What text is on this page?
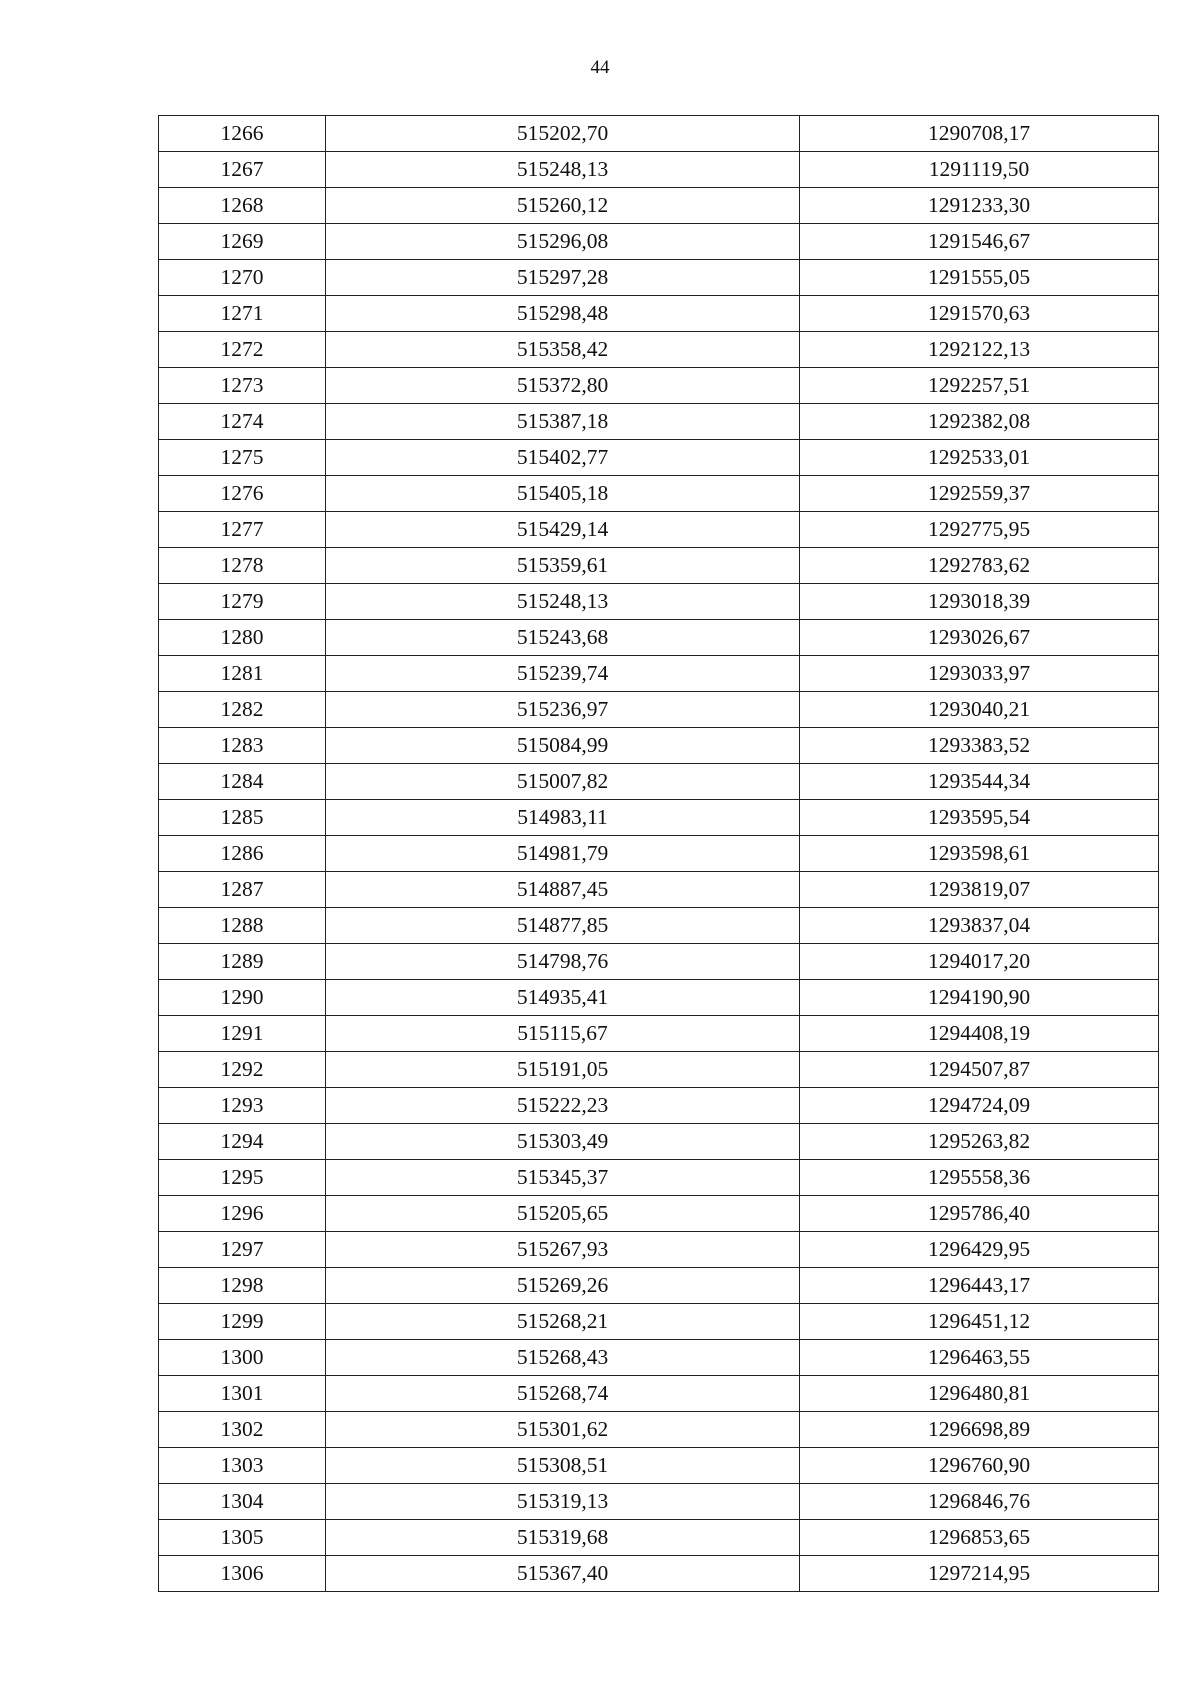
44
1266	515202,70	1290708,17
1267	515248,13	1291119,50
1268	515260,12	1291233,30
1269	515296,08	1291546,67
1270	515297,28	1291555,05
1271	515298,48	1291570,63
1272	515358,42	1292122,13
1273	515372,80	1292257,51
1274	515387,18	1292382,08
1275	515402,77	1292533,01
1276	515405,18	1292559,37
1277	515429,14	1292775,95
1278	515359,61	1292783,62
1279	515248,13	1293018,39
1280	515243,68	1293026,67
1281	515239,74	1293033,97
1282	515236,97	1293040,21
1283	515084,99	1293383,52
1284	515007,82	1293544,34
1285	514983,11	1293595,54
1286	514981,79	1293598,61
1287	514887,45	1293819,07
1288	514877,85	1293837,04
1289	514798,76	1294017,20
1290	514935,41	1294190,90
1291	515115,67	1294408,19
1292	515191,05	1294507,87
1293	515222,23	1294724,09
1294	515303,49	1295263,82
1295	515345,37	1295558,36
1296	515205,65	1295786,40
1297	515267,93	1296429,95
1298	515269,26	1296443,17
1299	515268,21	1296451,12
1300	515268,43	1296463,55
1301	515268,74	1296480,81
1302	515301,62	1296698,89
1303	515308,51	1296760,90
1304	515319,13	1296846,76
1305	515319,68	1296853,65
1306	515367,40	1297214,95
